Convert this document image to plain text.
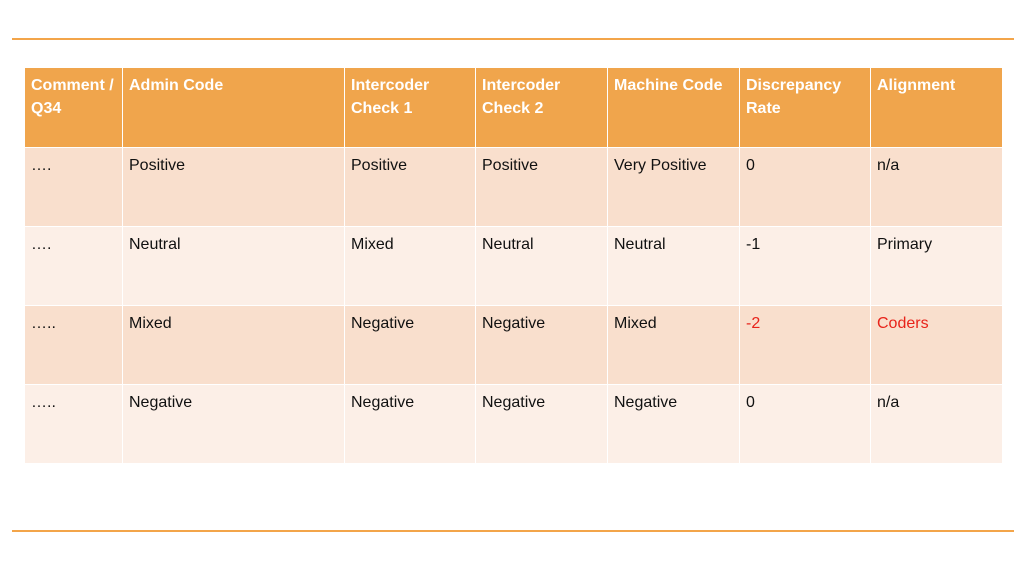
Comment / Q34	Admin Code	Intercoder Check 1	Intercoder Check 2	Machine Code	Discrepancy Rate	Alignment
….	Positive	Positive	Positive	Very Positive	0	n/a
….	Neutral	Mixed	Neutral	Neutral	-1	Primary
…..	Mixed	Negative	Negative	Mixed	-2	Coders
…..	Negative	Negative	Negative	Negative	0	n/a
